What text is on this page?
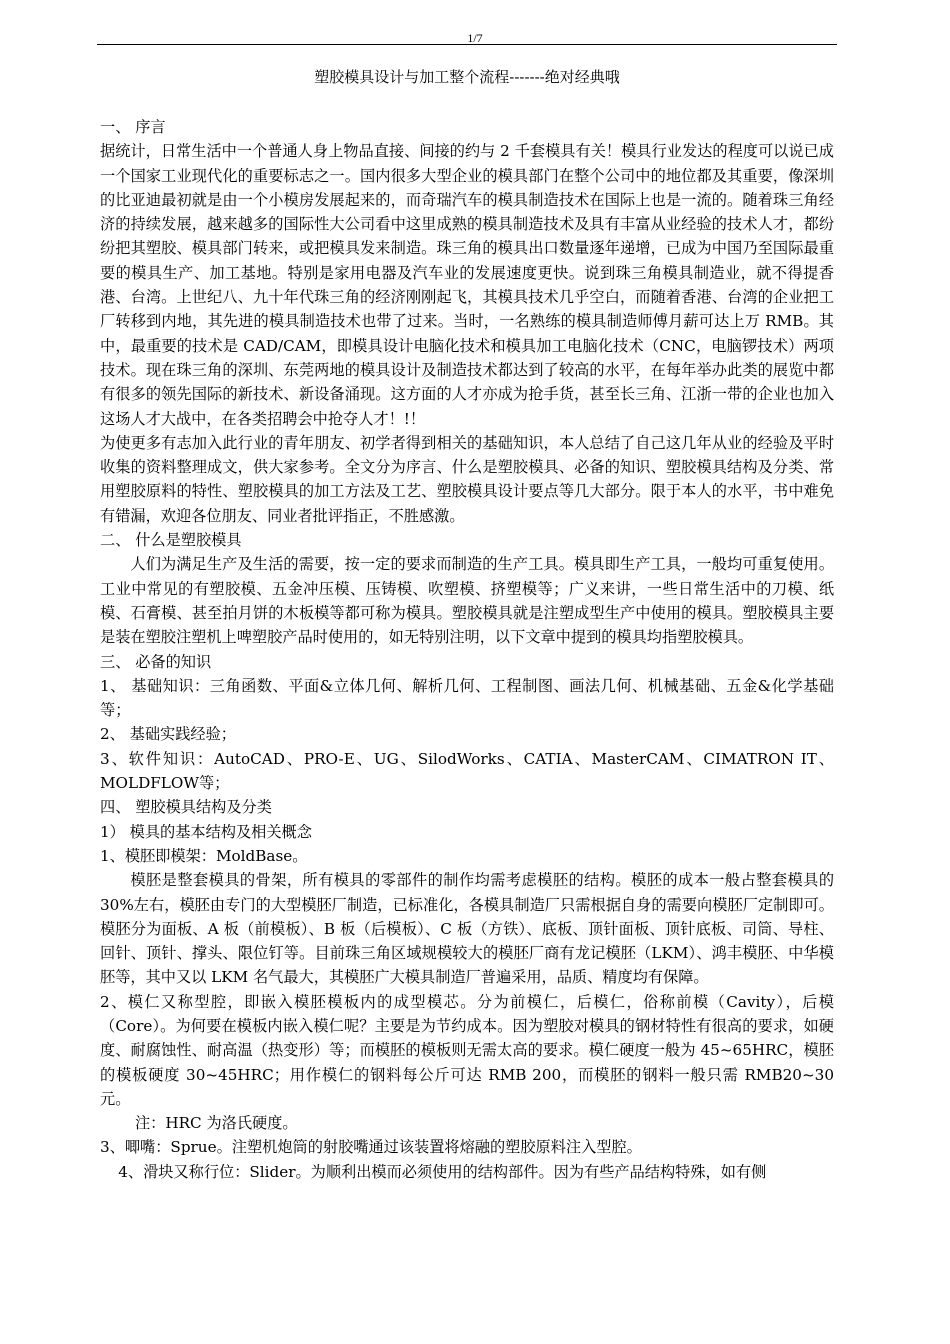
1/7
塑胶模具设计与加工整个流程-------绝对经典哦

一、 序言

据统计，日常生活中一个普通人身上物品直接、间接的约与 2 千套模具有关！模具行业发达的程度可以说已成一个国家工业现代化的重要标志之一。国内很多大型企业的模具部门在整个公司中的地位都及其重要，像深圳的比亚迪最初就是由一个小模房发展起来的，而奇瑞汽车的模具制造技术在国际上也是一流的。随着珠三角经济的持续发展，越来越多的国际性大公司看中这里成熟的模具制造技术及具有丰富从业经验的技术人才，都纷纷把其塑胶、模具部门转来，或把模具发来制造。珠三角的模具出口数量逐年递增，已成为中国乃至国际最重要的模具生产、加工基地。特别是家用电器及汽车业的发展速度更快。说到珠三角模具制造业，就不得提香港、台湾。上世纪八、九十年代珠三角的经济刚刚起飞，其模具技术几乎空白，而随着香港、台湾的企业把工厂转移到内地，其先进的模具制造技术也带了过来。当时，一名熟练的模具制造师傅月薪可达上万 RMB。其中，最重要的技术是 CAD/CAM，即模具设计电脑化技术和模具加工电脑化技术（CNC，电脑锣技术）两项技术。现在珠三角的深圳、东莞两地的模具设计及制造技术都达到了较高的水平，在每年举办此类的展览中都有很多的领先国际的新技术、新设备涌现。这方面的人才亦成为抢手货，甚至长三角、江浙一带的企业也加入这场人才大战中，在各类招聘会中抢夺人才！!！

为使更多有志加入此行业的青年朋友、初学者得到相关的基础知识，本人总结了自己这几年从业的经验及平时收集的资料整理成文，供大家参考。全文分为序言、什么是塑胶模具、必备的知识、塑胶模具结构及分类、常用塑胶原料的特性、塑胶模具的加工方法及工艺、塑胶模具设计要点等几大部分。限于本人的水平，书中难免有错漏，欢迎各位朋友、同业者批评指正，不胜感激。

二、 什么是塑胶模具

人们为满足生产及生活的需要，按一定的要求而制造的生产工具。模具即生产工具，一般均可重复使用。工业中常见的有塑胶模、五金冲压模、压铸模、吹塑模、挤塑模等；广义来讲，一些日常生活中的刀模、纸模、石膏模、甚至拍月饼的木板模等都可称为模具。塑胶模具就是注塑成型生产中使用的模具。塑胶模具主要是装在塑胶注塑机上啤塑胶产品时使用的，如无特别注明，以下文章中提到的模具均指塑胶模具。

三、 必备的知识

1、 基础知识：三角函数、平面&立体几何、解析几何、工程制图、画法几何、机械基础、五金&化学基础等；

2、 基础实践经验；

3、软件知识：AutoCAD、PRO-E、UG、SilodWorks、CATIA、MasterCAM、CIMATRON IT、MOLDFLOW等；

四、 塑胶模具结构及分类

1） 模具的基本结构及相关概念

1、模胚即模架：MoldBase。

模胚是整套模具的骨架，所有模具的零部件的制作均需考虑模胚的结构。模胚的成本一般占整套模具的 30%左右，模胚由专门的大型模胚厂制造，已标准化，各模具制造厂只需根据自身的需要向模胚厂定制即可。模胚分为面板、A 板（前模板）、B 板（后模板）、C 板（方铁）、底板、顶针面板、顶针底板、司筒、导柱、回针、顶针、撑头、限位钉等。目前珠三角区域规模较大的模胚厂商有龙记模胚（LKM）、鸿丰模胚、中华模胚等，其中又以 LKM 名气最大，其模胚广大模具制造厂普遍采用，品质、精度均有保障。

2、模仁又称型腔，即嵌入模胚模板内的成型模芯。分为前模仁，后模仁，俗称前模（Cavity），后模（Core）。为何要在模板内嵌入模仁呢？主要是为节约成本。因为塑胶对模具的钢材特性有很高的要求，如硬度、耐腐蚀性、耐高温（热变形）等；而模胚的模板则无需太高的要求。模仁硬度一般为 45~65HRC，模胚的模板硬度 30~45HRC；用作模仁的钢料每公斤可达 RMB 200，而模胚的钢料一般只需 RMB20~30 元。

注：HRC 为洛氏硬度。

3、唧嘴：Sprue。注塑机炮筒的射胶嘴通过该装置将熔融的塑胶原料注入型腔。

4、滑块又称行位：Slider。为顺利出模而必须使用的结构部件。因为有些产品结构特殊，如有侧
